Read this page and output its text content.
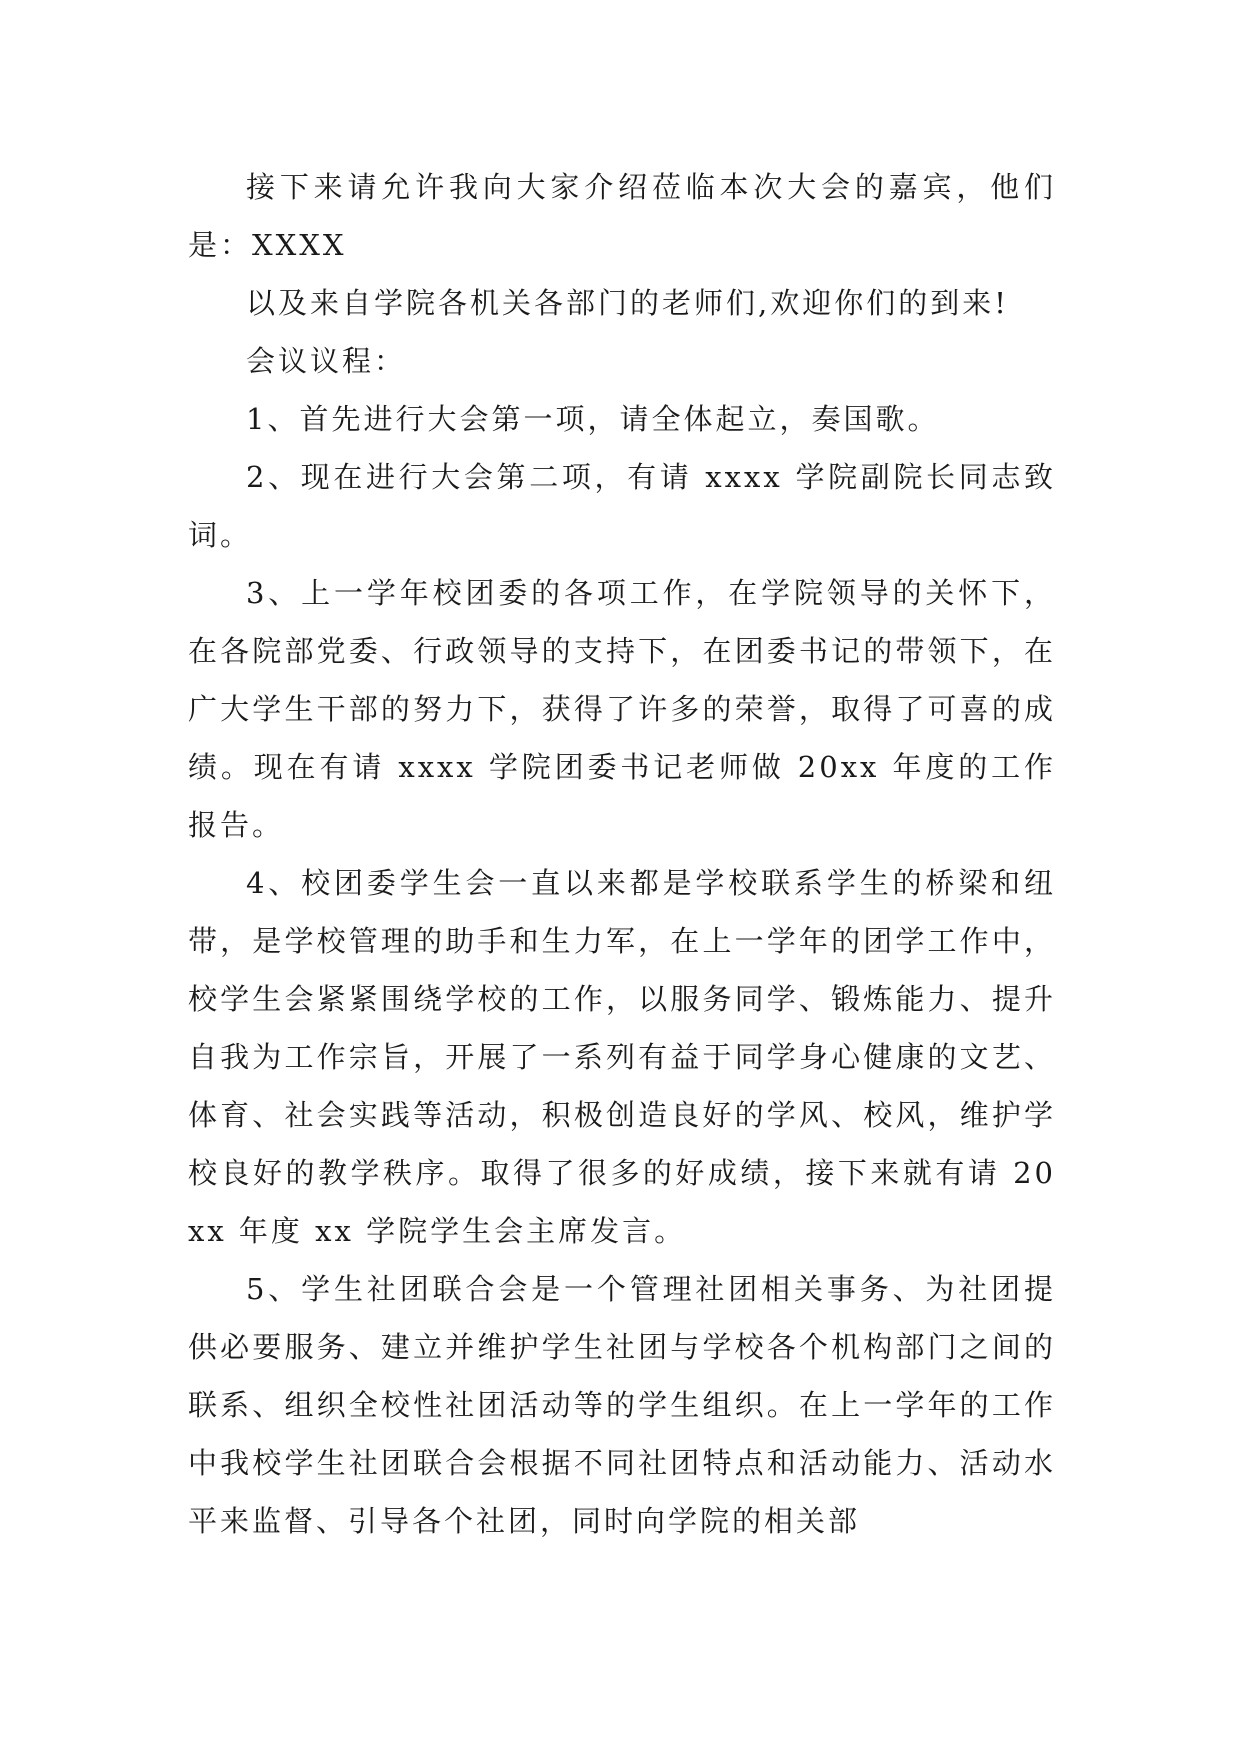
接下来请允许我向大家介绍莅临本次大会的嘉宾，他们是：XXXX

以及来自学院各机关各部门的老师们,欢迎你们的到来!

会议议程：

1、首先进行大会第一项，请全体起立，奏国歌。

2、现在进行大会第二项，有请 xxxx 学院副院长同志致词。

3、上一学年校团委的各项工作，在学院领导的关怀下，在各院部党委、行政领导的支持下，在团委书记的带领下，在广大学生干部的努力下，获得了许多的荣誉，取得了可喜的成绩。现在有请 xxxx 学院团委书记老师做 20xx 年度的工作报告。

4、校团委学生会一直以来都是学校联系学生的桥梁和纽带，是学校管理的助手和生力军，在上一学年的团学工作中，校学生会紧紧围绕学校的工作，以服务同学、锻炼能力、提升自我为工作宗旨，开展了一系列有益于同学身心健康的文艺、体育、社会实践等活动，积极创造良好的学风、校风，维护学校良好的教学秩序。取得了很多的好成绩，接下来就有请 20xx 年度 xx 学院学生会主席发言。

5、学生社团联合会是一个管理社团相关事务、为社团提供必要服务、建立并维护学生社团与学校各个机构部门之间的联系、组织全校性社团活动等的学生组织。在上一学年的工作中我校学生社团联合会根据不同社团特点和活动能力、活动水平来监督、引导各个社团，同时向学院的相关部
